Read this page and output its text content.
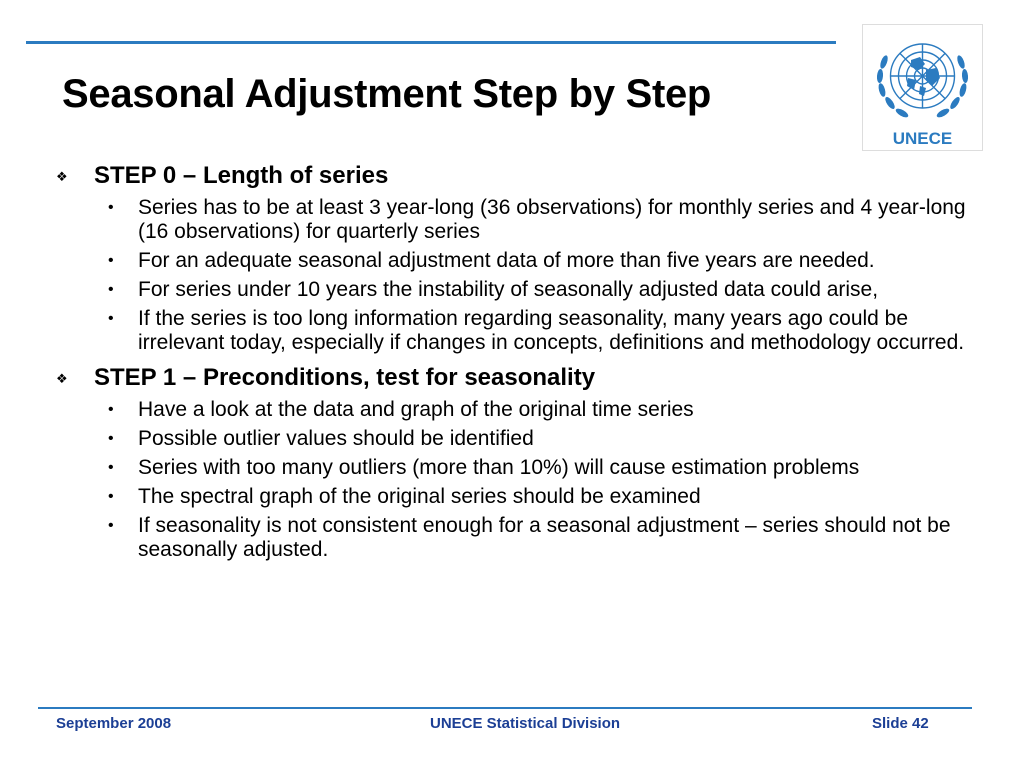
Seasonal Adjustment Step by Step
UNECE
❖ STEP 0 – Length of series
• Series has to be at least 3 year-long (36 observations) for monthly series and 4 year-long (16 observations) for quarterly series
• For an adequate seasonal adjustment data of more than five years are needed.
• For series under 10 years the instability of seasonally adjusted data could arise,
• If the series is too long information regarding seasonality, many years ago could be irrelevant today, especially if changes in concepts, definitions and methodology occurred.
❖ STEP 1 – Preconditions, test for seasonality
• Have a look at the data and graph of the original time series
• Possible outlier values should be identified
• Series with too many outliers (more than 10%) will cause estimation problems
• The spectral graph of the original series should be examined
• If seasonality is not consistent enough for a seasonal adjustment – series should not be seasonally adjusted.
September 2008	UNECE Statistical Division	Slide 42
